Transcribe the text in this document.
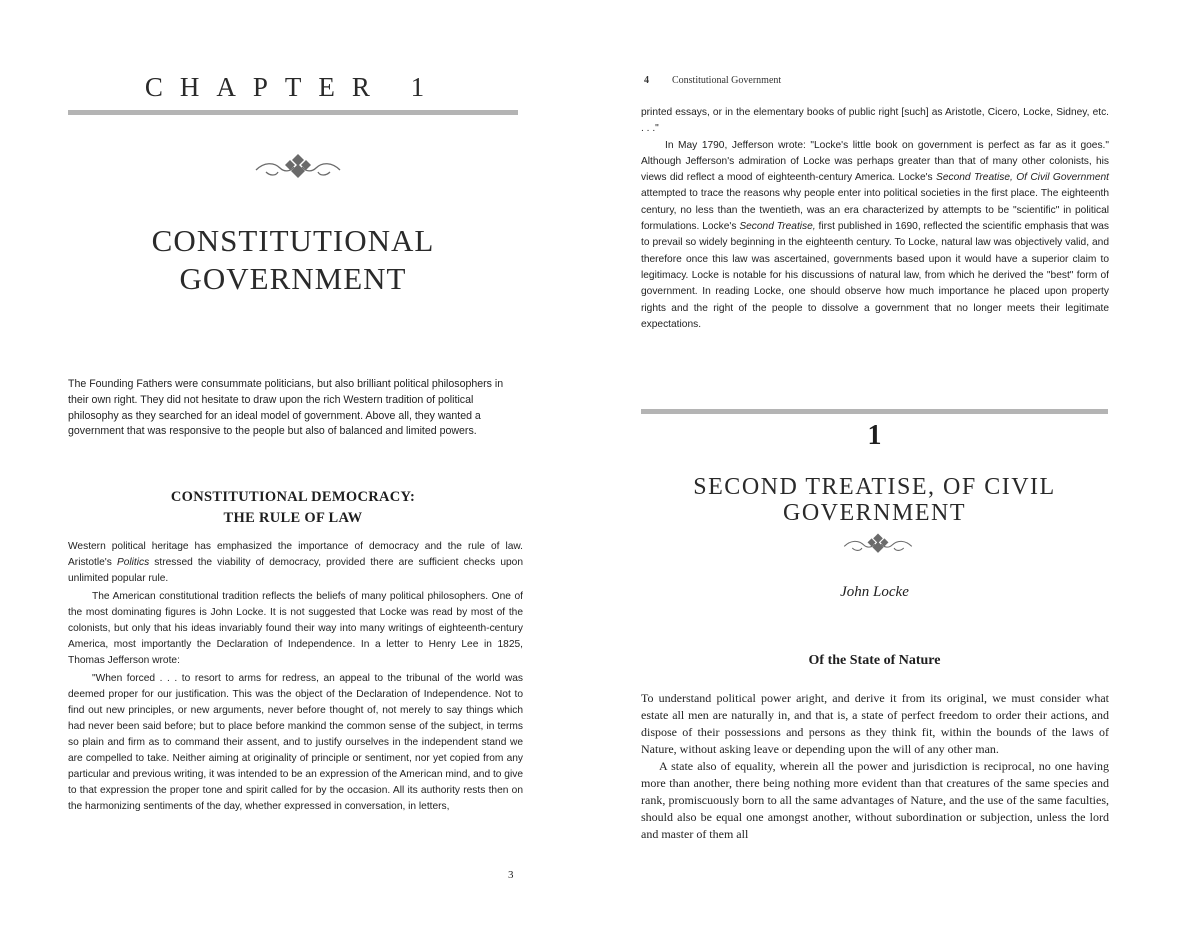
CHAPTER 1
CONSTITUTIONAL
GOVERNMENT
The Founding Fathers were consummate politicians, but also brilliant political philosophers in their own right. They did not hesitate to draw upon the rich Western tradition of political philosophy as they searched for an ideal model of government. Above all, they wanted a government that was responsive to the people but also of balanced and limited powers.
CONSTITUTIONAL DEMOCRACY:
THE RULE OF LAW

Western political heritage has emphasized the importance of democracy and the rule of law. Aristotle's Politics stressed the viability of democracy, provided there are sufficient checks upon unlimited popular rule.

The American constitutional tradition reflects the beliefs of many political philosophers. One of the most dominating figures is John Locke. It is not suggested that Locke was read by most of the colonists, but only that his ideas invariably found their way into many writings of eighteenth-century America, most importantly the Declaration of Independence. In a letter to Henry Lee in 1825, Thomas Jefferson wrote:

"When forced . . . to resort to arms for redress, an appeal to the tribunal of the world was deemed proper for our justification. This was the object of the Declaration of Independence. Not to find out new principles, or new arguments, never before thought of, not merely to say things which had never been said before; but to place before mankind the common sense of the subject, in terms so plain and firm as to command their assent, and to justify ourselves in the independent stand we are compelled to take. Neither aiming at originality of principle or sentiment, nor yet copied from any particular and previous writing, it was intended to be an expression of the American mind, and to give to that expression the proper tone and spirit called for by the occasion. All its authority rests then on the harmonizing sentiments of the day, whether expressed in conversation, in letters,

3
4 Constitutional Government

printed essays, or in the elementary books of public right [such] as Aristotle, Cicero, Locke, Sidney, etc. . . ."

In May 1790, Jefferson wrote: "Locke's little book on government is perfect as far as it goes." Although Jefferson's admiration of Locke was perhaps greater than that of many other colonists, his views did reflect a mood of eighteenth-century America. Locke's Second Treatise, Of Civil Government attempted to trace the reasons why people enter into political societies in the first place. The eighteenth century, no less than the twentieth, was an era characterized by attempts to be "scientific" in political formulations. Locke's Second Treatise, first published in 1690, reflected the scientific emphasis that was to prevail so widely beginning in the eighteenth century. To Locke, natural law was objectively valid, and therefore once this law was ascertained, governments based upon it would have a superior claim to legitimacy. Locke is notable for his discussions of natural law, from which he derived the "best" form of government. In reading Locke, one should observe how much importance he placed upon property rights and the right of the people to dissolve a government that no longer meets their legitimate expectations.

1
SECOND TREATISE, OF CIVIL
GOVERNMENT
John Locke
Of the State of Nature

To understand political power aright, and derive it from its original, we must consider what estate all men are naturally in, and that is, a state of perfect freedom to order their actions, and dispose of their possessions and persons as they think fit, within the bounds of the laws of Nature, without asking leave or depending upon the will of any other man.

A state also of equality, wherein all the power and jurisdiction is reciprocal, no one having more than another, there being nothing more evident than that creatures of the same species and rank, promiscuously born to all the same advantages of Nature, and the use of the same faculties, should also be equal one amongst another, without subordination or subjection, unless the lord and master of them all
